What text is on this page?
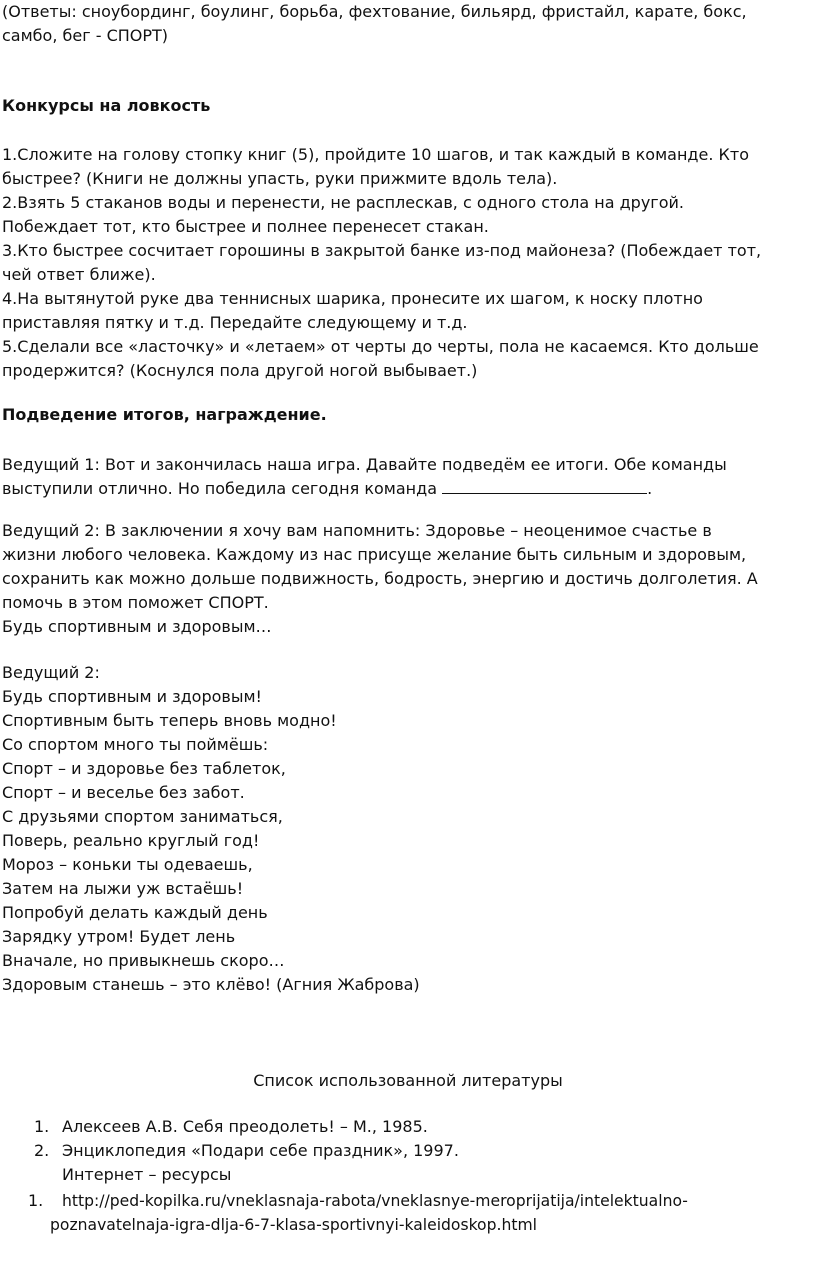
(Ответы: сноубординг, боулинг, борьба, фехтование, бильярд, фристайл, карате, бокс,
самбо, бег - СПОРТ)
Конкурсы на ловкость
1.Сложите на голову стопку книг (5), пройдите 10 шагов, и так каждый в команде. Кто
быстрее? (Книги не должны упасть, руки прижмите вдоль тела).
2.Взять 5 стаканов воды и перенести, не расплескав, с одного стола на другой.
Побеждает тот, кто быстрее и полнее перенесет стакан.
3.Кто быстрее сосчитает горошины в закрытой банке из-под майонеза? (Побеждает тот,
чей ответ ближе).
4.На вытянутой руке два теннисных шарика, пронесите их шагом, к носку плотно
приставляя пятку и т.д. Передайте следующему и т.д.
5.Сделали все «ласточку» и «летаем» от черты до черты, пола не касаемся. Кто дольше
продержится? (Коснулся пола другой ногой выбывает.)
Подведение итогов, награждение.
Ведущий 1: Вот и закончилась наша игра. Давайте подведём ее итоги. Обе команды
выступили отлично. Но победила сегодня команда	.
Ведущий 2: В заключении я хочу вам напомнить: Здоровье – неоценимое счастье в
жизни любого человека. Каждому из нас присуще желание быть сильным и здоровым,
сохранить как можно дольше подвижность, бодрость, энергию и достичь долголетия. А
помочь в этом поможет СПОРТ.
Будь спортивным и здоровым…
Ведущий 2:
Будь спортивным и здоровым!
Спортивным быть теперь вновь модно!
Со спортом много ты поймёшь:
Спорт – и здоровье без таблеток,
Спорт – и веселье без забот.
С друзьями спортом заниматься,
Поверь, реально круглый год!
Мороз – коньки ты одеваешь,
Затем на лыжи уж встаёшь!
Попробуй делать каждый день
Зарядку утром! Будет лень
Вначале, но привыкнешь скоро…
Здоровым станешь – это клёво! (Агния Жаброва)
Список использованной литературы
1. Алексеев А.В. Себя преодолеть! – М., 1985.
2. Энциклопедия «Подари себе праздник», 1997.
Интернет – ресурсы
1. http://ped-kopilka.ru/vneklasnaja-rabota/vneklasnye-meroprijatija/intelektualno-
poznavatelnaja-igra-dlja-6-7-klasa-sportivnyi-kaleidoskop.html
